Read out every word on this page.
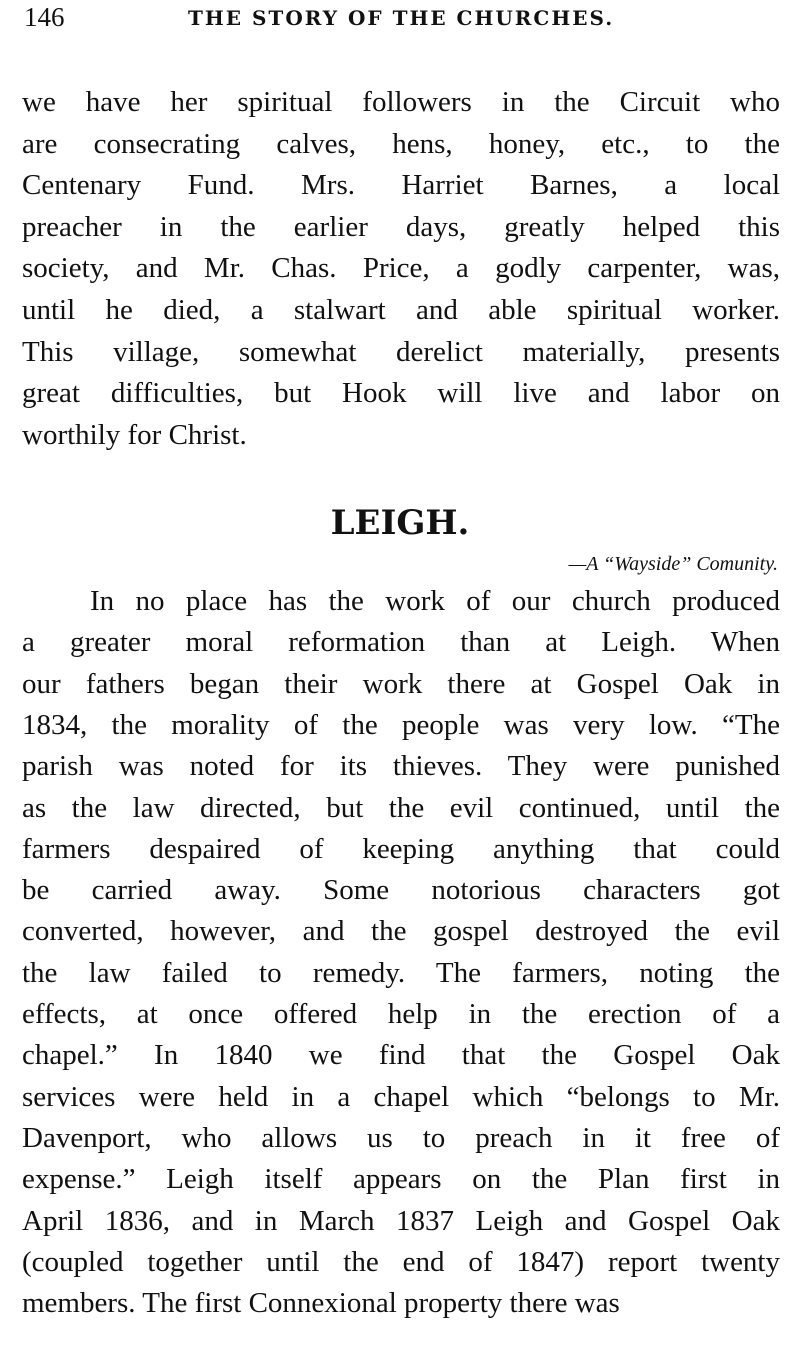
146	THE STORY OF THE CHURCHES.
we have her spiritual followers in the Circuit who
are consecrating calves, hens, honey, etc., to the
Centenary Fund. Mrs. Harriet Barnes, a local
preacher in the earlier days, greatly helped this
society, and Mr. Chas. Price, a godly carpenter, was,
until he died, a stalwart and able spiritual worker.
This village, somewhat derelict materially, presents
great difficulties, but Hook will live and labor on
worthily for Christ.
LEIGH.
—A “Wayside” Comunity.
In no place has the work of our church produced
a greater moral reformation than at Leigh. When
our fathers began their work there at Gospel Oak in
1834, the morality of the people was very low. “The
parish was noted for its thieves. They were punished
as the law directed, but the evil continued, until the
farmers despaired of keeping anything that could
be carried away. Some notorious characters got
converted, however, and the gospel destroyed the evil
the law failed to remedy. The farmers, noting the
effects, at once offered help in the erection of a
chapel.” In 1840 we find that the Gospel Oak
services were held in a chapel which “belongs to Mr.
Davenport, who allows us to preach in it free of
expense.” Leigh itself appears on the Plan first in
April 1836, and in March 1837 Leigh and Gospel Oak
(coupled together until the end of 1847) report twenty
members. The first Connexional property there was
